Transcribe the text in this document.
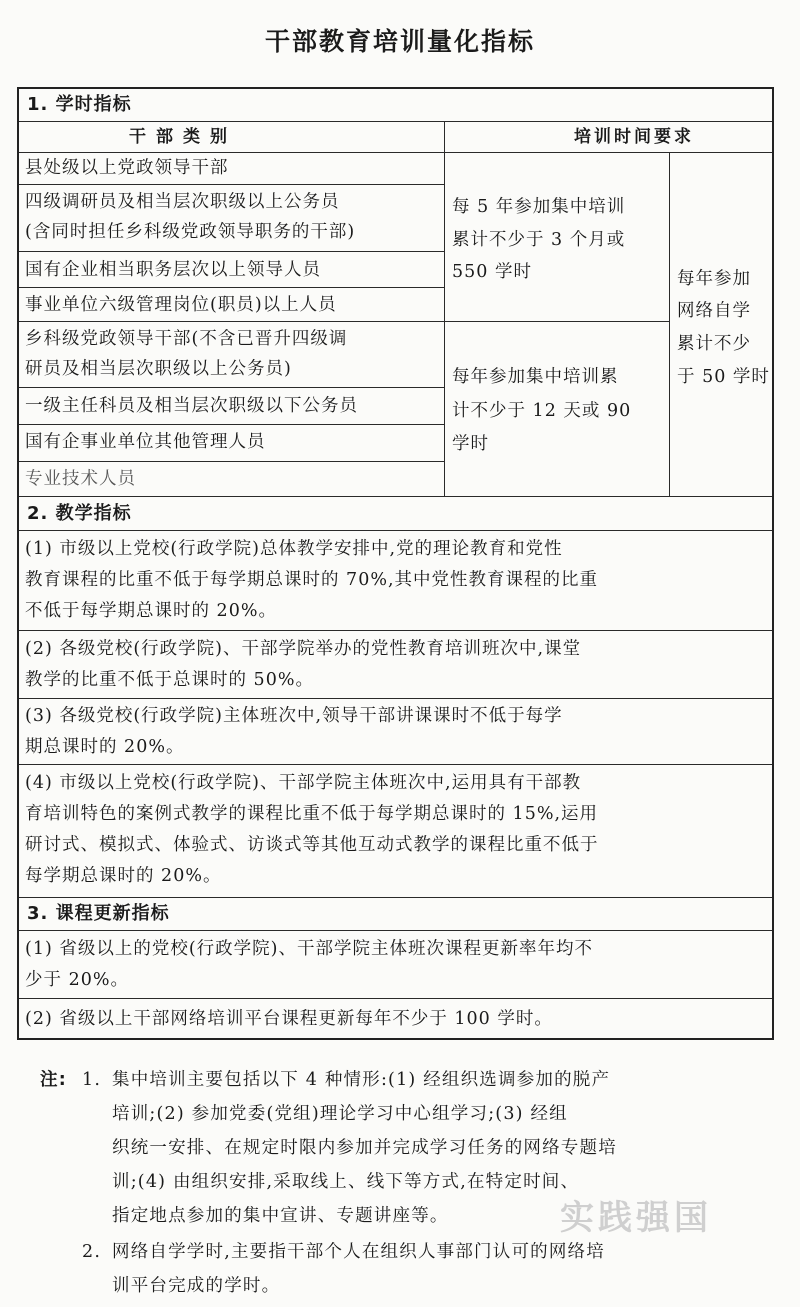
干部教育培训量化指标
1. 学时指标
干部类别	培训时间要求
县处级以上党政领导干部
四级调研员及相当层次职级以上公务员
(含同时担任乡科级党政领导职务的干部)
国有企业相当职务层次以上领导人员
事业单位六级管理岗位(职员)以上人员
每 5 年参加集中培训
累计不少于 3 个月或
550 学时
乡科级党政领导干部(不含已晋升四级调
研员及相当层次职级以上公务员)
一级主任科员及相当层次职级以下公务员
国有企事业单位其他管理人员
专业技术人员
每年参加集中培训累
计不少于 12 天或 90
学时
每年参加
网络自学
累计不少
于 50 学时
2. 教学指标
(1) 市级以上党校(行政学院)总体教学安排中,党的理论教育和党性
教育课程的比重不低于每学期总课时的 70%,其中党性教育课程的比重
不低于每学期总课时的 20%。
(2) 各级党校(行政学院)、干部学院举办的党性教育培训班次中,课堂
教学的比重不低于总课时的 50%。
(3) 各级党校(行政学院)主体班次中,领导干部讲课课时不低于每学
期总课时的 20%。
(4) 市级以上党校(行政学院)、干部学院主体班次中,运用具有干部教
育培训特色的案例式教学的课程比重不低于每学期总课时的 15%,运用
研讨式、模拟式、体验式、访谈式等其他互动式教学的课程比重不低于
每学期总课时的 20%。
3. 课程更新指标
(1) 省级以上的党校(行政学院)、干部学院主体班次课程更新率年均不
少于 20%。
(2) 省级以上干部网络培训平台课程更新每年不少于 100 学时。
注: 1. 集中培训主要包括以下 4 种情形:(1) 经组织选调参加的脱产
培训;(2) 参加党委(党组)理论学习中心组学习;(3) 经组
织统一安排、在规定时限内参加并完成学习任务的网络专题培
训;(4) 由组织安排,采取线上、线下等方式,在特定时间、
指定地点参加的集中宣讲、专题讲座等。
2. 网络自学学时,主要指干部个人在组织人事部门认可的网络培
训平台完成的学时。
实践强国
